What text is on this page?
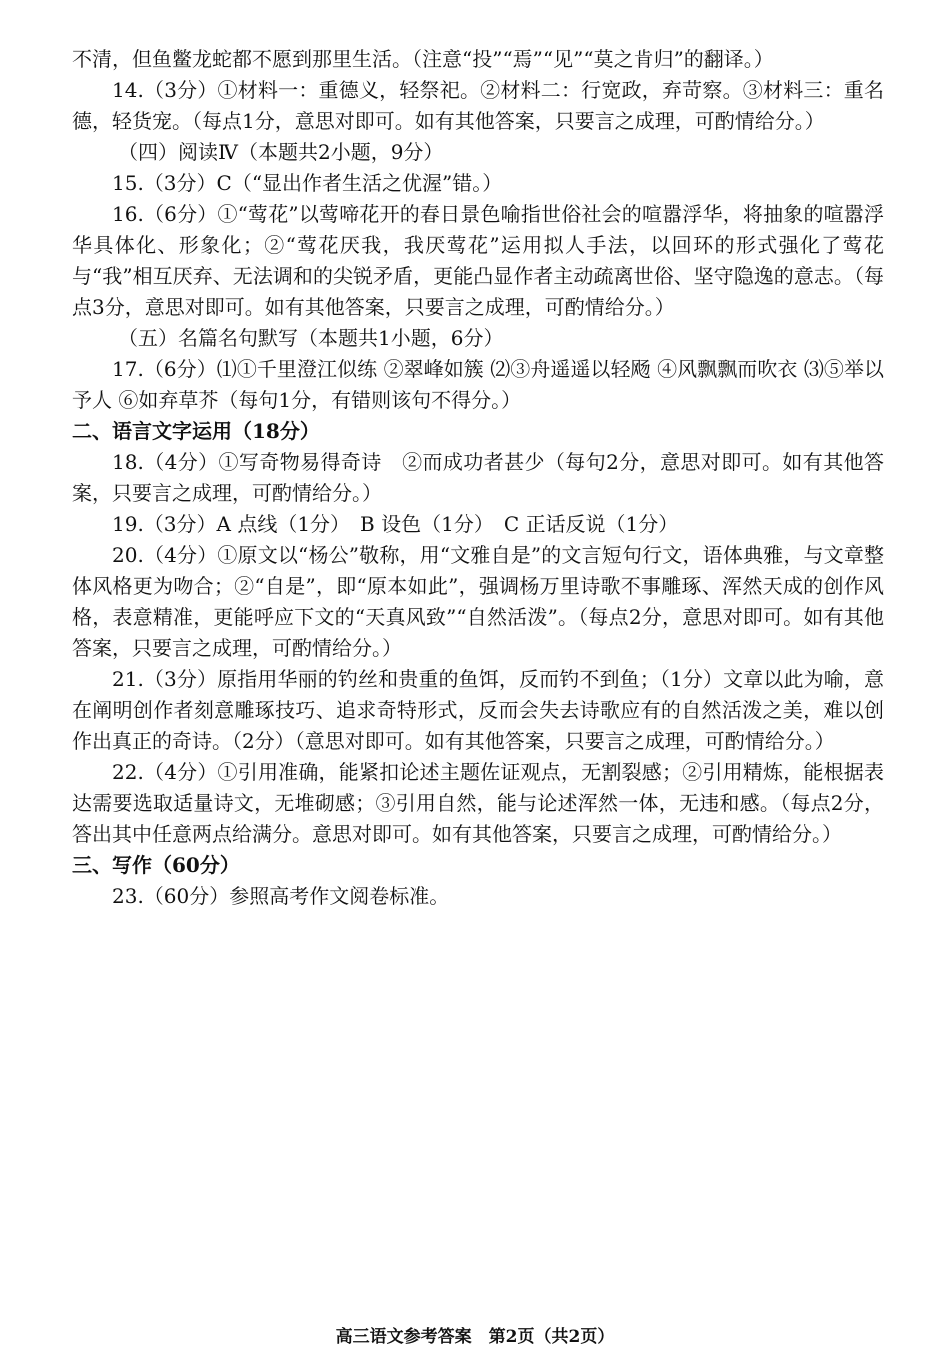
不清，但鱼鳖龙蛇都不愿到那里生活。（注意“投”“焉”“见”“莫之肯归”的翻译。）

14.（3分）①材料一：重德义，轻祭祀。②材料二：行宽政，弃苛察。③材料三：重名德，轻货宠。（每点1分，意思对即可。如有其他答案，只要言之成理，可酌情给分。）

（四）阅读Ⅳ（本题共2小题，9分）

15.（3分）C（“显出作者生活之优渥”错。）

16.（6分）①“莺花”以莺啼花开的春日景色喻指世俗社会的喧嚣浮华，将抽象的喧嚣浮华具体化、形象化；②“莺花厌我，我厌莺花”运用拟人手法，以回环的形式强化了莺花与“我”相互厌弃、无法调和的尖锐矛盾，更能凸显作者主动疏离世俗、坚守隐逸的意志。（每点3分，意思对即可。如有其他答案，只要言之成理，可酌情给分。）

（五）名篇名句默写（本题共1小题，6分）

17.（6分）⑴①千里澄江似练 ②翠峰如簇 ⑵③舟遥遥以轻飏 ④风飘飘而吹衣 ⑶⑤举以予人 ⑥如弃草芥（每句1分，有错则该句不得分。）

二、语言文字运用（18分）

18.（4分）①写奇物易得奇诗　②而成功者甚少（每句2分，意思对即可。如有其他答案，只要言之成理，可酌情给分。）

19.（3分）A 点线（1分）　B 设色（1分）　C 正话反说（1分）

20.（4分）①原文以“杨公”敬称，用“文雅自是”的文言短句行文，语体典雅，与文章整体风格更为吻合；②“自是”，即“原本如此”，强调杨万里诗歌不事雕琢、浑然天成的创作风格，表意精准，更能呼应下文的“天真风致”“自然活泼”。（每点2分，意思对即可。如有其他答案，只要言之成理，可酌情给分。）

21.（3分）原指用华丽的钓丝和贵重的鱼饵，反而钓不到鱼；（1分）文章以此为喻，意在阐明创作者刻意雕琢技巧、追求奇特形式，反而会失去诗歌应有的自然活泼之美，难以创作出真正的奇诗。（2分）（意思对即可。如有其他答案，只要言之成理，可酌情给分。）

22.（4分）①引用准确，能紧扣论述主题佐证观点，无割裂感；②引用精炼，能根据表达需要选取适量诗文，无堆砌感；③引用自然，能与论述浑然一体，无违和感。（每点2分，答出其中任意两点给满分。意思对即可。如有其他答案，只要言之成理，可酌情给分。）

三、写作（60分）

23.（60分）参照高考作文阅卷标准。

高三语文参考答案　第2页（共2页）
